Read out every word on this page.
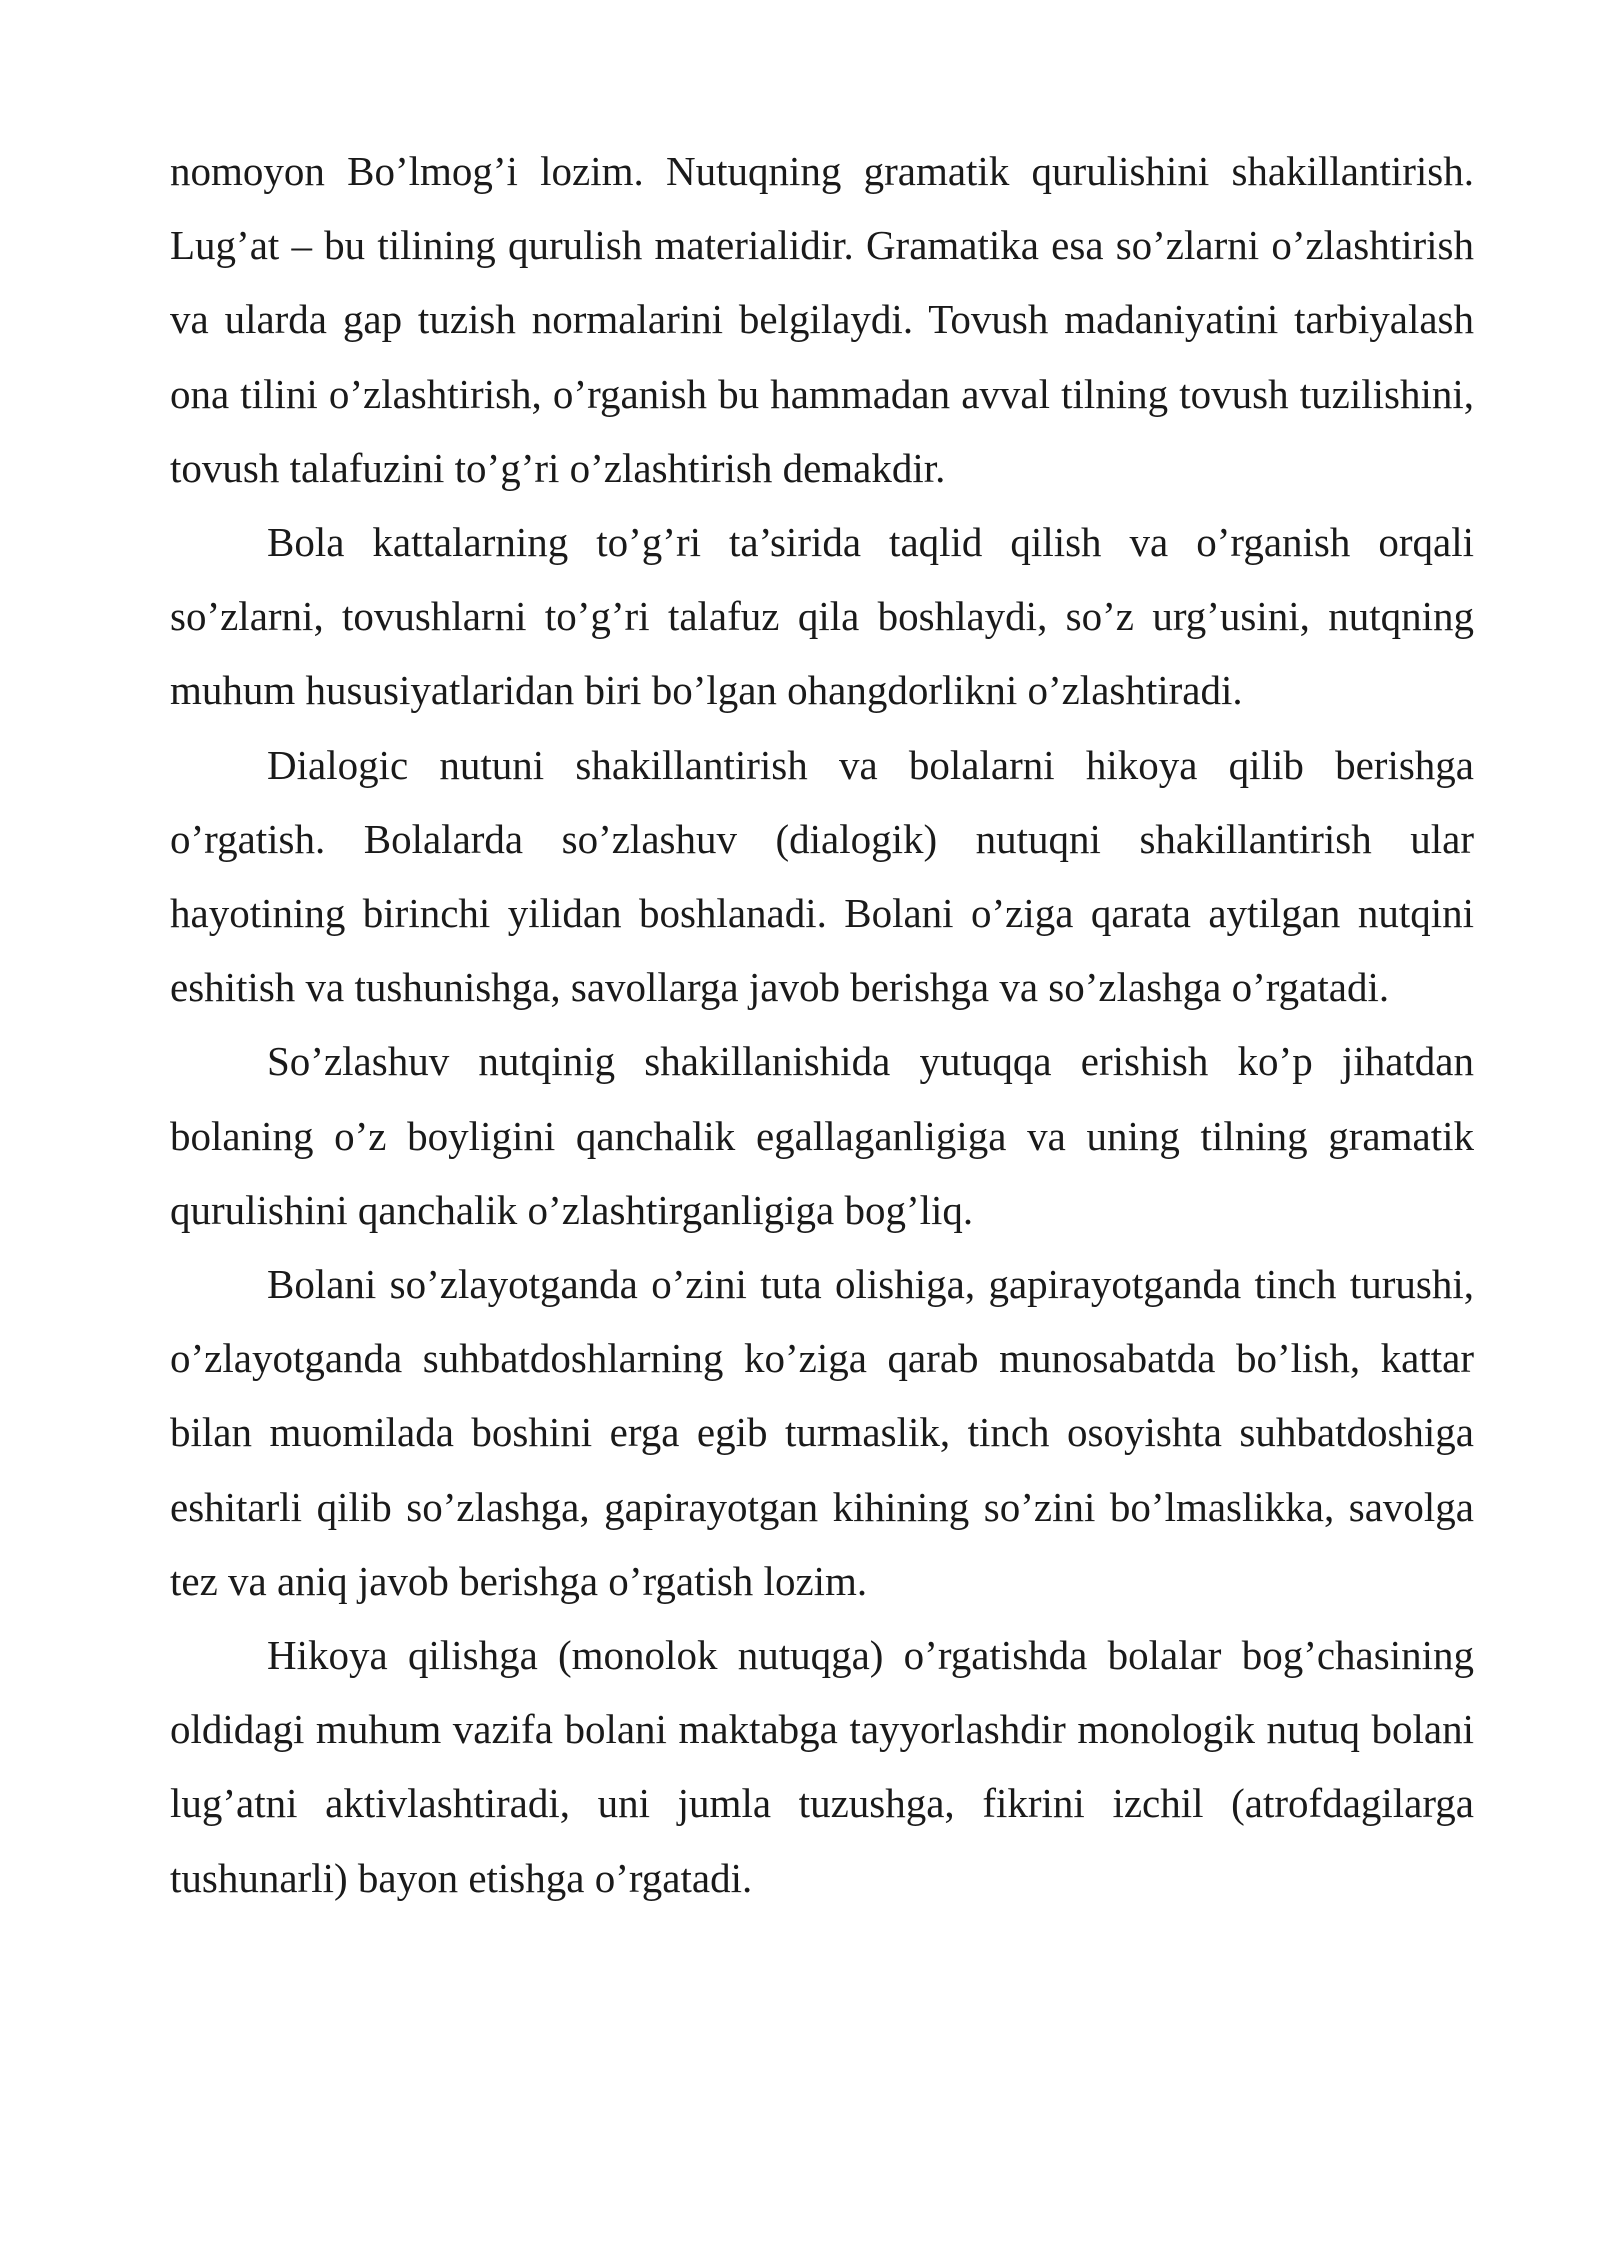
nomoyon Bo’lmog’i lozim. Nutuqning gramatik qurulishini shakillantirish. Lug’at – bu tilining qurulish materialidir. Gramatika esa so’zlarni o’zlashtirish va ularda gap tuzish normalarini belgilaydi. Tovush madaniyatini tarbiyalash ona tilini o’zlashtirish, o’rganish bu hammadan avval tilning tovush tuzilishini, tovush talafuzini to’g’ri o’zlashtirish demakdir.

Bola kattalarning to’g’ri ta’sirida taqlid qilish va o’rganish orqali so’zlarni, tovushlarni to’g’ri talafuz qila boshlaydi, so’z urg’usini, nutqning muhum hususiyatlaridan biri bo’lgan ohangdorlikni o’zlashtiradi.

Dialogic nutuni shakillantirish va bolalarni hikoya qilib berishga o’rgatish. Bolalarda so’zlashuv (dialogik) nutuqni shakillantirish ular hayotining birinchi yilidan boshlanadi. Bolani o’ziga qarata aytilgan nutqini eshitish va tushunishga, savollarga javob berishga va so’zlashga o’rgatadi.

So’zlashuv nutqinig shakillanishida yutuqqa erishish ko’p jihatdan bolaning o’z boyligini qanchalik egallaganligiga va uning tilning gramatik qurulishini qanchalik o’zlashtirganligiga bog’liq.

Bolani so’zlayotganda o’zini tuta olishiga, gapirayotganda tinch turushi, o’zlayotganda suhbatdoshlarning ko’ziga qarab munosabatda bo’lish, kattar bilan muomilada boshini erga egib turmaslik, tinch osoyishta suhbatdoshiga eshitarli qilib so’zlashga, gapirayotgan kihining so’zini bo’lmaslikka, savolga tez va aniq javob berishga o’rgatish lozim.

Hikoya qilishga (monolok nutuqga) o’rgatishda bolalar bog’chasining oldidagi muhum vazifa bolani maktabga tayyorlashdir monologik nutuq bolani lug’atni aktivlashtiradi, uni jumla tuzushga, fikrini izchil (atrofdagilarga tushunarli) bayon etishga o’rgatadi.
